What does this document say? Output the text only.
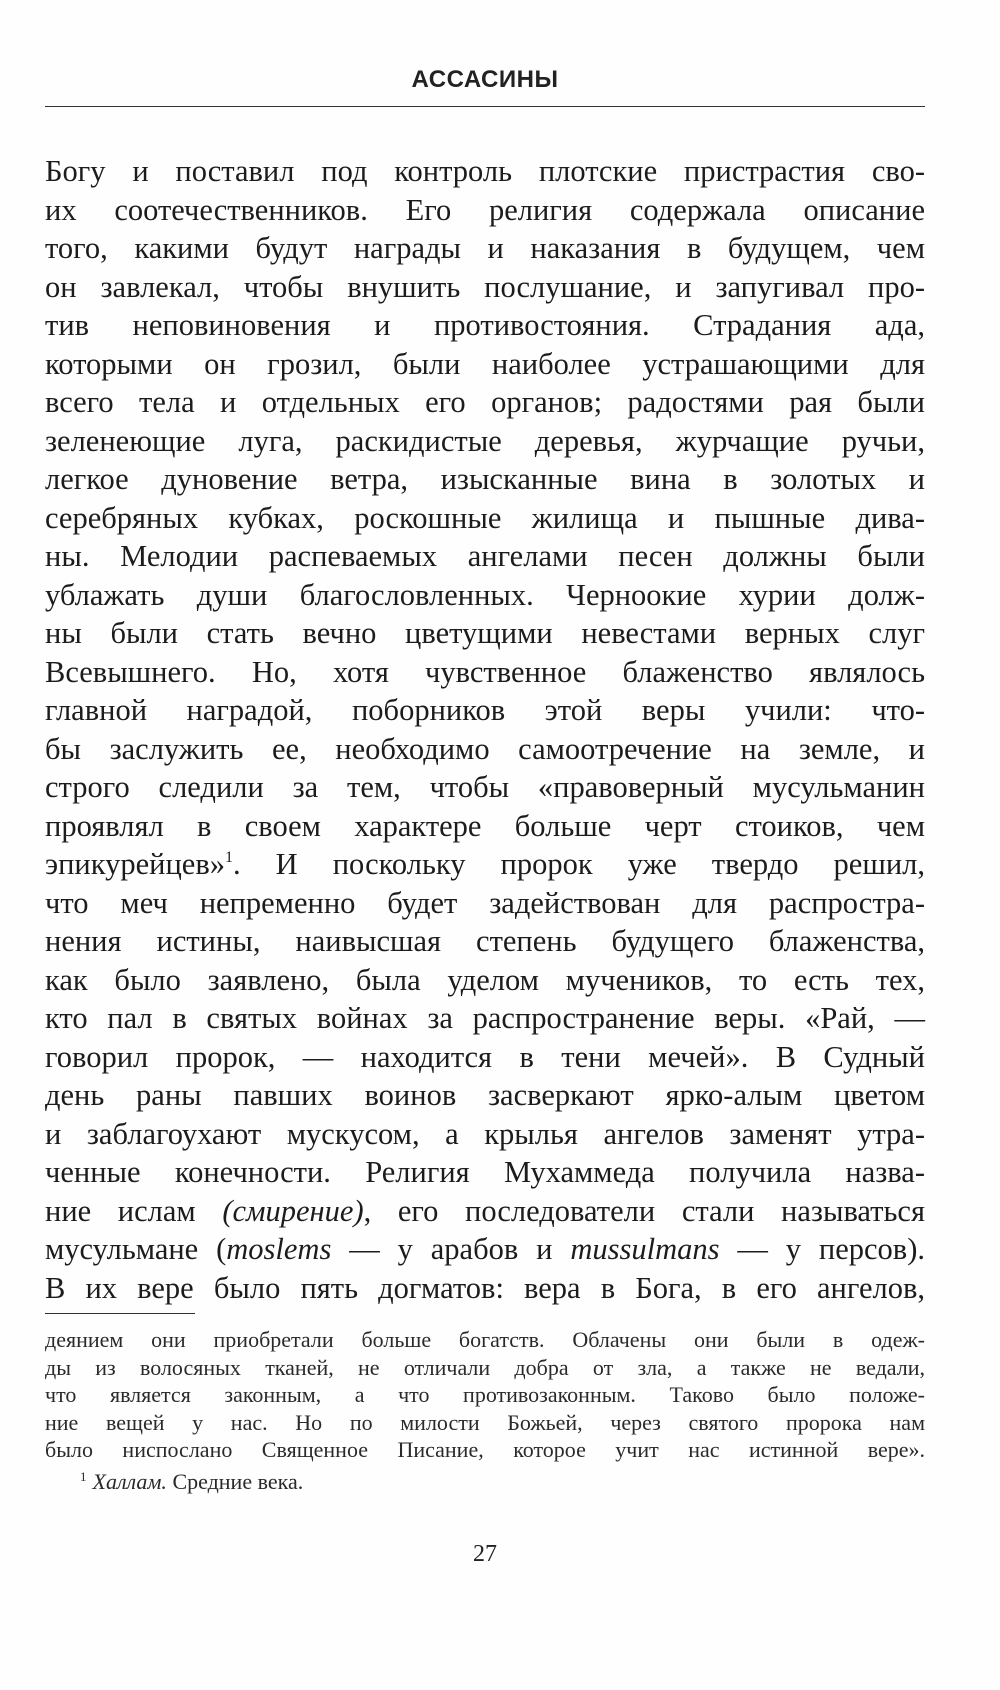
АССАСИНЫ
Богу и поставил под контроль плотские пристрастия сво-
их соотечественников. Его религия содержала описание
того, какими будут награды и наказания в будущем, чем
он завлекал, чтобы внушить послушание, и запугивал про-
тив неповиновения и противостояния. Страдания ада,
которыми он грозил, были наиболее устрашающими для
всего тела и отдельных его органов; радостями рая были
зеленеющие луга, раскидистые деревья, журчащие ручьи,
легкое дуновение ветра, изысканные вина в золотых и
серебряных кубках, роскошные жилища и пышные дива-
ны. Мелодии распеваемых ангелами песен должны были
ублажать души благословленных. Черноокие хурии долж-
ны были стать вечно цветущими невестами верных слуг
Всевышнего. Но, хотя чувственное блаженство являлось
главной наградой, поборников этой веры учили: что-
бы заслужить ее, необходимо самоотречение на земле, и
строго следили за тем, чтобы «правоверный мусульманин
проявлял в своем характере больше черт стоиков, чем
эпикурейцев»$^1$. И поскольку пророк уже твердо решил,
что меч непременно будет задействован для распростра-
нения истины, наивысшая степень будущего блаженства,
как было заявлено, была уделом мучеников, то есть тех,
кто пал в святых войнах за распространение веры. «Рай, —
говорил пророк, — находится в тени мечей». В Судный
день раны павших воинов засверкают ярко-алым цветом
и заблагоухают мускусом, а крылья ангелов заменят утра-
ченные конечности. Религия Мухаммеда получила назва-
ние ислам (смирение), его последователи стали называться
мусульмане (moslems — у арабов и mussulmans — у персов).
В их вере было пять догматов: вера в Бога, в его ангелов,
деянием они приобретали больше богатств. Облачены они были в одеж-
ды из волосяных тканей, не отличали добра от зла, а также не ведали,
что является законным, а что противозаконным. Таково было положе-
ние вещей у нас. Но по милости Божьей, через святого пророка нам
было ниспослано Священное Писание, которое учит нас истинной вере».
$^1$ Халлам. Средние века.
27
